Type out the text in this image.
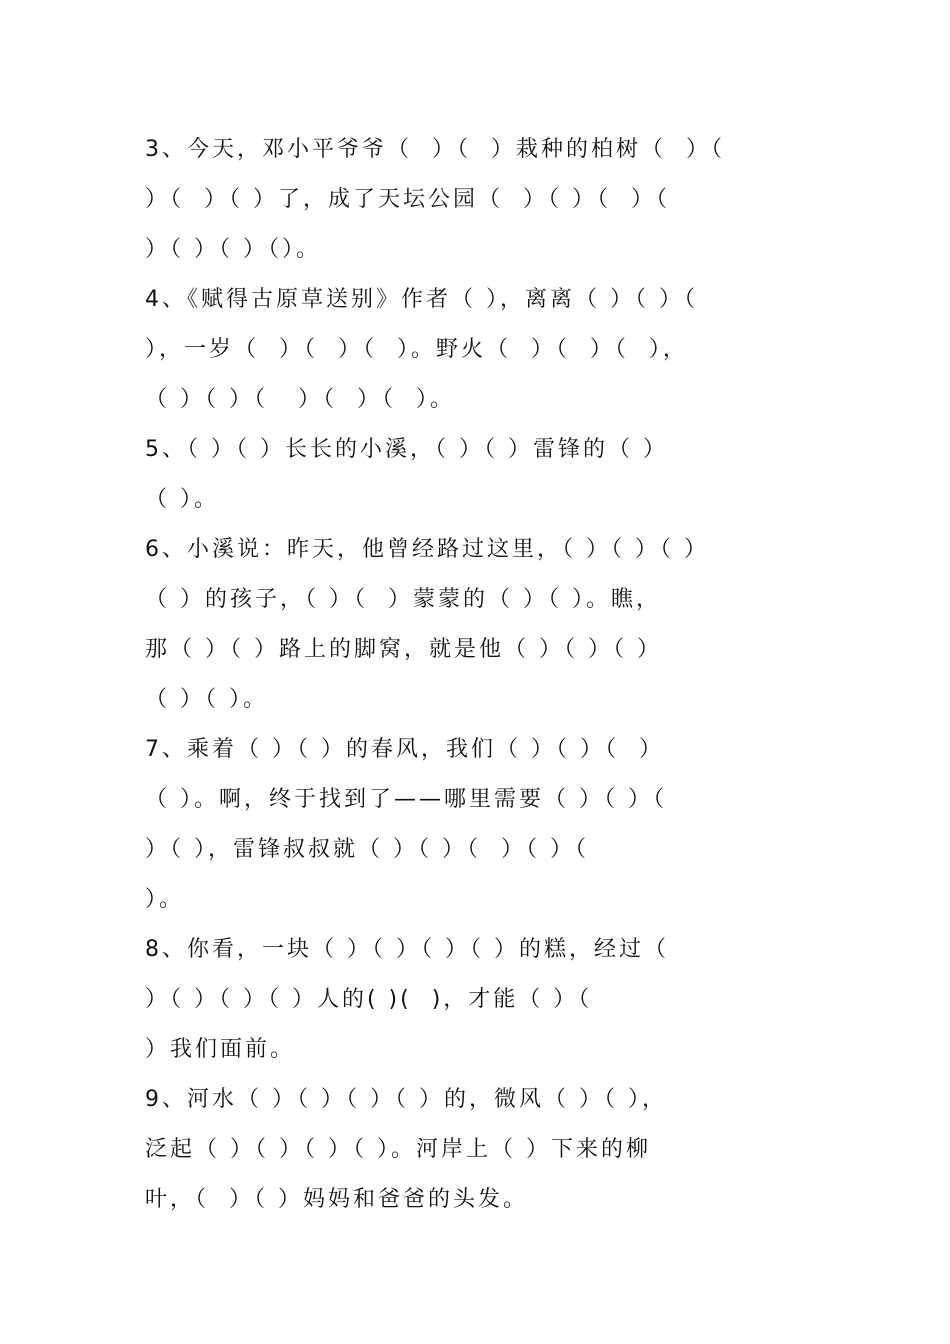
3、今天，邓小平爷爷（  ）（  ）栽种的柏树（  ）（
）（  ）（ ）了，成了天坛公园（  ）（ ）（  ）（
）（ ）（ ）（）。
4、《赋得古原草送别》作者（ ），离离（ ）（ ）（
），一岁（  ）（  ）（  ）。野火（  ）（  ）（  ），
（ ）（ ）（   ）（  ）（  ）。
5、（ ）（ ）长长的小溪，（ ）（ ）雷锋的（ ）
（ ）。
6、小溪说：昨天，他曾经路过这里，（ ）（ ）（ ）
（ ）的孩子，（ ）（  ）蒙蒙的（ ）（ ）。瞧，
那（ ）（ ）路上的脚窝，就是他（ ）（ ）（ ）
（ ）（ ）。
7、乘着（ ）（ ）的春风，我们（ ）（ ）（  ）
（ ）。啊，终于找到了——哪里需要（ ）（ ）（
）（ ），雷锋叔叔就（ ）（ ）（  ）（ ）（
）。
8、你看，一块（ ）（ ）（ ）（ ）的糕，经过（
）（ ）（ ）（ ）人的( )(  )，才能（ ）（
）我们面前。
9、河水（ ）（ ）（ ）（ ）的，微风（ ）（ ），
泛起（ ）（ ）（ ）（ ）。河岸上（ ）下来的柳
叶，（  ）（ ）妈妈和爸爸的头发。
